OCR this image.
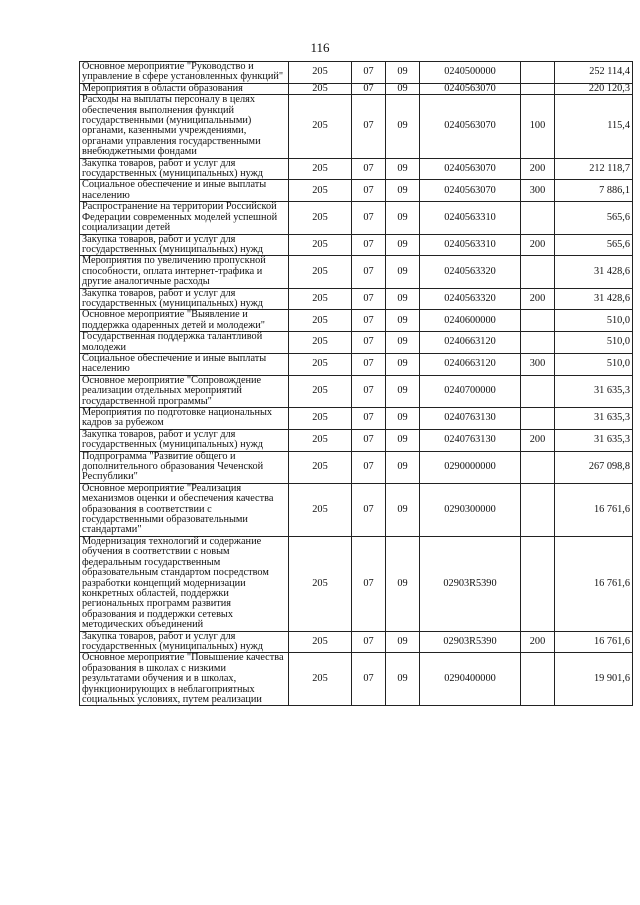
116
Основное мероприятие "Руководство и управление в сфере установленных функций"	205	07	09	0240500000		252 114,4
Мероприятия в области образования	205	07	09	0240563070		220 120,3
Расходы на выплаты персоналу в целях обеспечения выполнения функций государственными (муниципальными) органами, казенными учреждениями, органами управления государственными внебюджетными фондами	205	07	09	0240563070	100	115,4
Закупка товаров, работ и услуг для государственных (муниципальных) нужд	205	07	09	0240563070	200	212 118,7
Социальное обеспечение и иные выплаты населению	205	07	09	0240563070	300	7 886,1
Распространение на территории Российской Федерации современных моделей успешной социализации детей	205	07	09	0240563310		565,6
Закупка товаров, работ и услуг для государственных (муниципальных) нужд	205	07	09	0240563310	200	565,6
Мероприятия по увеличению пропускной способности, оплата интернет-трафика и другие аналогичные расходы	205	07	09	0240563320		31 428,6
Закупка товаров, работ и услуг для государственных (муниципальных) нужд	205	07	09	0240563320	200	31 428,6
Основное мероприятие "Выявление и поддержка одаренных детей и молодежи"	205	07	09	0240600000		510,0
Государственная поддержка талантливой молодежи	205	07	09	0240663120		510,0
Социальное обеспечение и иные выплаты населению	205	07	09	0240663120	300	510,0
Основное мероприятие "Сопровождение реализации отдельных мероприятий государственной программы"	205	07	09	0240700000		31 635,3
Мероприятия по подготовке национальных кадров за рубежом	205	07	09	0240763130		31 635,3
Закупка товаров, работ и услуг для государственных (муниципальных) нужд	205	07	09	0240763130	200	31 635,3
Подпрограмма "Развитие общего и дополнительного образования Чеченской Республики"	205	07	09	0290000000		267 098,8
Основное мероприятие "Реализация механизмов оценки и обеспечения качества образования в соответствии с государственными образовательными стандартами"	205	07	09	0290300000		16 761,6
Модернизация технологий и содержание обучения в соответствии с новым федеральным государственным образовательным стандартом посредством разработки концепций модернизации конкретных областей, поддержки региональных программ развития образования и поддержки сетевых методических объединений	205	07	09	02903R5390		16 761,6
Закупка товаров, работ и услуг для государственных (муниципальных) нужд	205	07	09	02903R5390	200	16 761,6
Основное мероприятие "Повышение качества образования в школах с низкими результатами обучения и в школах, функционирующих в неблагоприятных социальных условиях, путем реализации	205	07	09	0290400000		19 901,6
